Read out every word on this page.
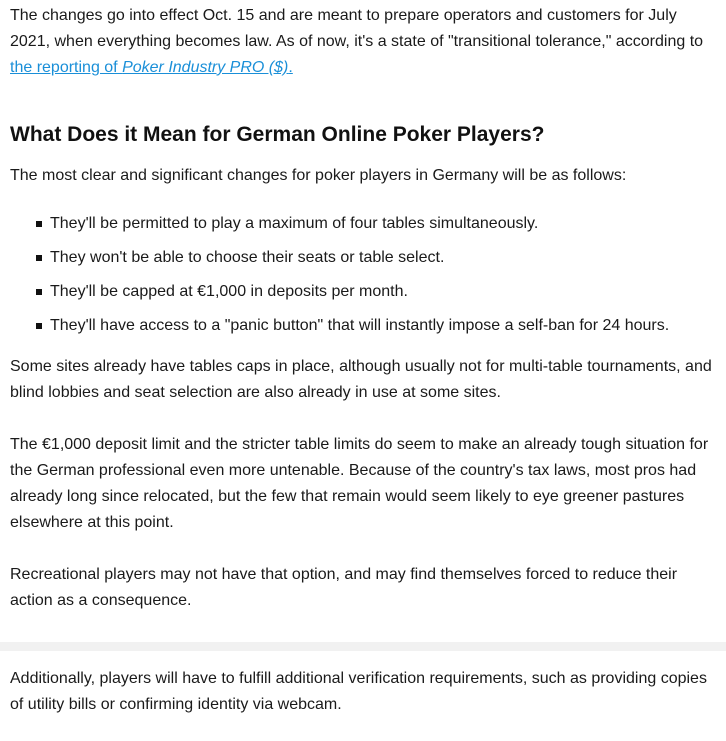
The changes go into effect Oct. 15 and are meant to prepare operators and customers for July 2021, when everything becomes law. As of now, it's a state of "transitional tolerance," according to the reporting of Poker Industry PRO ($).

What Does it Mean for German Online Poker Players?

The most clear and significant changes for poker players in Germany will be as follows:

They'll be permitted to play a maximum of four tables simultaneously.
They won't be able to choose their seats or table select.
They'll be capped at €1,000 in deposits per month.
They'll have access to a "panic button" that will instantly impose a self-ban for 24 hours.

Some sites already have tables caps in place, although usually not for multi-table tournaments, and blind lobbies and seat selection are also already in use at some sites.

The €1,000 deposit limit and the stricter table limits do seem to make an already tough situation for the German professional even more untenable. Because of the country's tax laws, most pros had already long since relocated, but the few that remain would seem likely to eye greener pastures elsewhere at this point.

Recreational players may not have that option, and may find themselves forced to reduce their action as a consequence.

Additionally, players will have to fulfill additional verification requirements, such as providing copies of utility bills or confirming identity via webcam.
